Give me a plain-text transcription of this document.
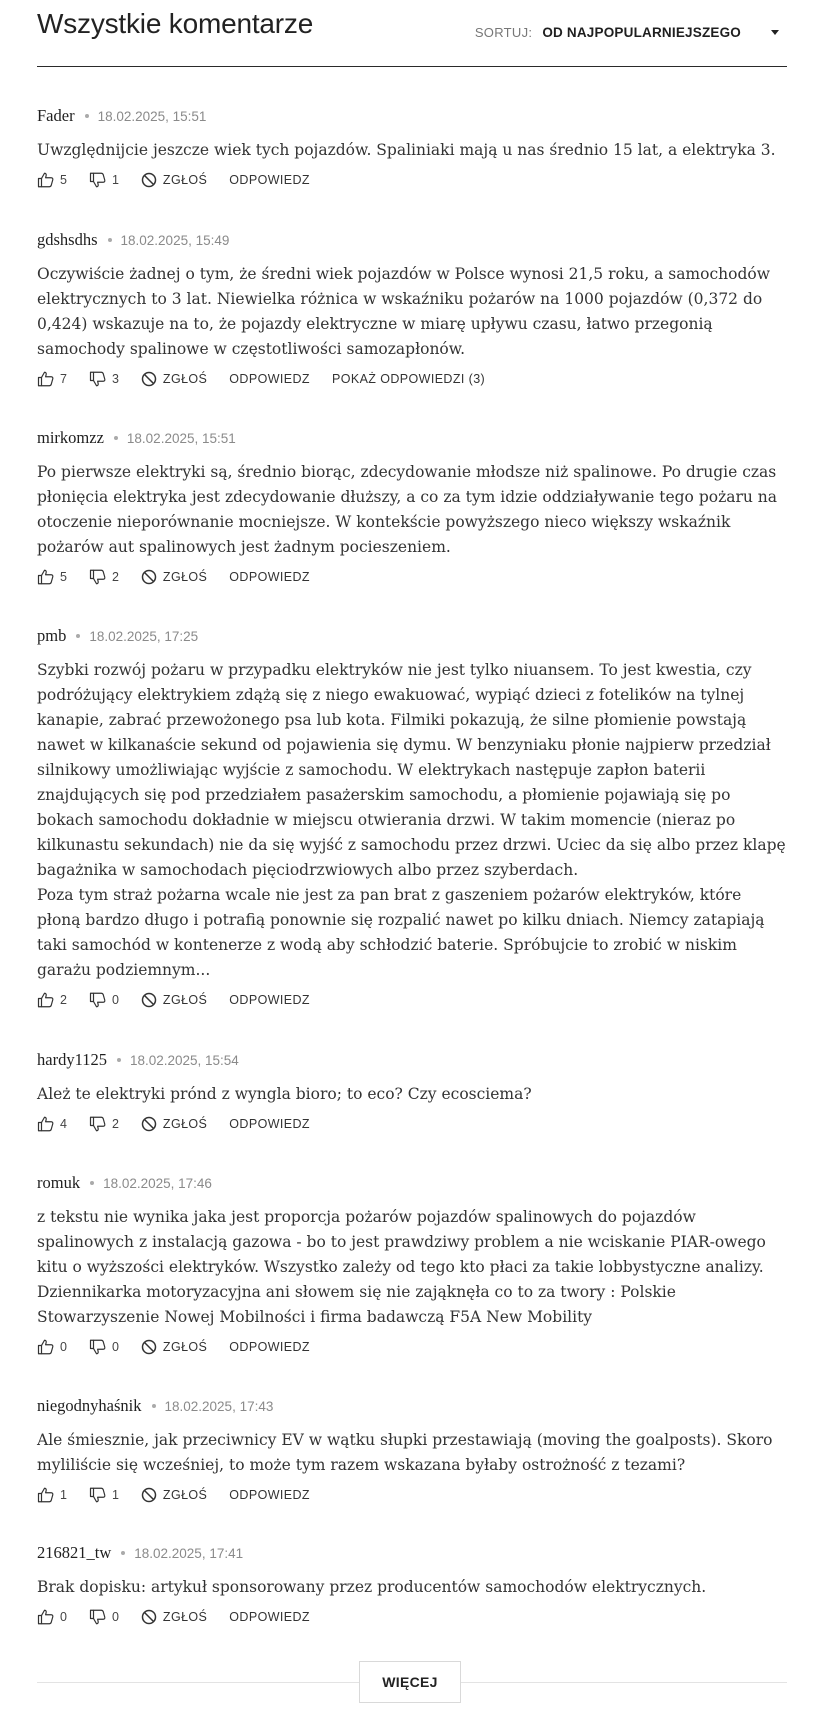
Wszystkie komentarze	SORTUJ: OD NAJPOPULARNIEJSZEGO
Fader 18.02.2025, 15:51
Uwzględnijcie jeszcze wiek tych pojazdów. Spaliniaki mają u nas średnio 15 lat, a elektryka 3.
5	1	ZGŁOŚ ODPOWIEDZ
gdshsdhs 18.02.2025, 15:49
Oczywiście żadnej o tym, że średni wiek pojazdów w Polsce wynosi 21,5 roku, a samochodów elektrycznych to 3 lat. Niewielka różnica w wskaźniku pożarów na 1000 pojazdów (0,372 do 0,424) wskazuje na to, że pojazdy elektryczne w miarę upływu czasu, łatwo przegonią samochody spalinowe w częstotliwości samozapłonów.
7	3	ZGŁOŚ ODPOWIEDZ POKAŻ ODPOWIEDZI (3)
mirkomzz 18.02.2025, 15:51
Po pierwsze elektryki są, średnio biorąc, zdecydowanie młodsze niż spalinowe. Po drugie czas płonięcia elektryka jest zdecydowanie dłuższy, a co za tym idzie oddziaływanie tego pożaru na otoczenie nieporównanie mocniejsze. W kontekście powyższego nieco większy wskaźnik pożarów aut spalinowych jest żadnym pocieszeniem.
5	2	ZGŁOŚ ODPOWIEDZ
pmb 18.02.2025, 17:25
Szybki rozwój pożaru w przypadku elektryków nie jest tylko niuansem. To jest kwestia, czy podróżujący elektrykiem zdążą się z niego ewakuować, wypiąć dzieci z fotelików na tylnej kanapie, zabrać przewożonego psa lub kota. Filmiki pokazują, że silne płomienie powstają nawet w kilkanaście sekund od pojawienia się dymu. W benzyniaku płonie najpierw przedział silnikowy umożliwiając wyjście z samochodu. W elektrykach następuje zapłon baterii znajdujących się pod przedziałem pasażerskim samochodu, a płomienie pojawiają się po bokach samochodu dokładnie w miejscu otwierania drzwi. W takim momencie (nieraz po kilkunastu sekundach) nie da się wyjść z samochodu przez drzwi. Uciec da się albo przez klapę bagażnika w samochodach pięciodrzwiowych albo przez szyberdach.
Poza tym straż pożarna wcale nie jest za pan brat z gaszeniem pożarów elektryków, które płoną bardzo długo i potrafią ponownie się rozpalić nawet po kilku dniach. Niemcy zatapiają taki samochód w kontenerze z wodą aby schłodzić baterie. Spróbujcie to zrobić w niskim garażu podziemnym...
2	0	ZGŁOŚ ODPOWIEDZ
hardy1125 18.02.2025, 15:54
Ależ te elektryki prónd z wyngla bioro; to eco? Czy ecosciema?
4	2	ZGŁOŚ ODPOWIEDZ
romuk 18.02.2025, 17:46
z tekstu nie wynika jaka jest proporcja pożarów pojazdów spalinowych do pojazdów spalinowych z instalacją gazowa - bo to jest prawdziwy problem a nie wciskanie PIAR-owego kitu o wyższości elektryków. Wszystko zależy od tego kto płaci za takie lobbystyczne analizy. Dziennikarka motoryzacyjna ani słowem się nie zająknęła co to za twory : Polskie Stowarzyszenie Nowej Mobilności i firma badawczą F5A New Mobility
0	0	ZGŁOŚ ODPOWIEDZ
niegodnyhaśnik 18.02.2025, 17:43
Ale śmiesznie, jak przeciwnicy EV w wątku słupki przestawiają (moving the goalposts). Skoro myliliście się wcześniej, to może tym razem wskazana byłaby ostrożność z tezami?
1	1	ZGŁOŚ ODPOWIEDZ
216821_tw 18.02.2025, 17:41
Brak dopisku: artykuł sponsorowany przez producentów samochodów elektrycznych.
0	0	ZGŁOŚ ODPOWIEDZ
WIĘCEJ
